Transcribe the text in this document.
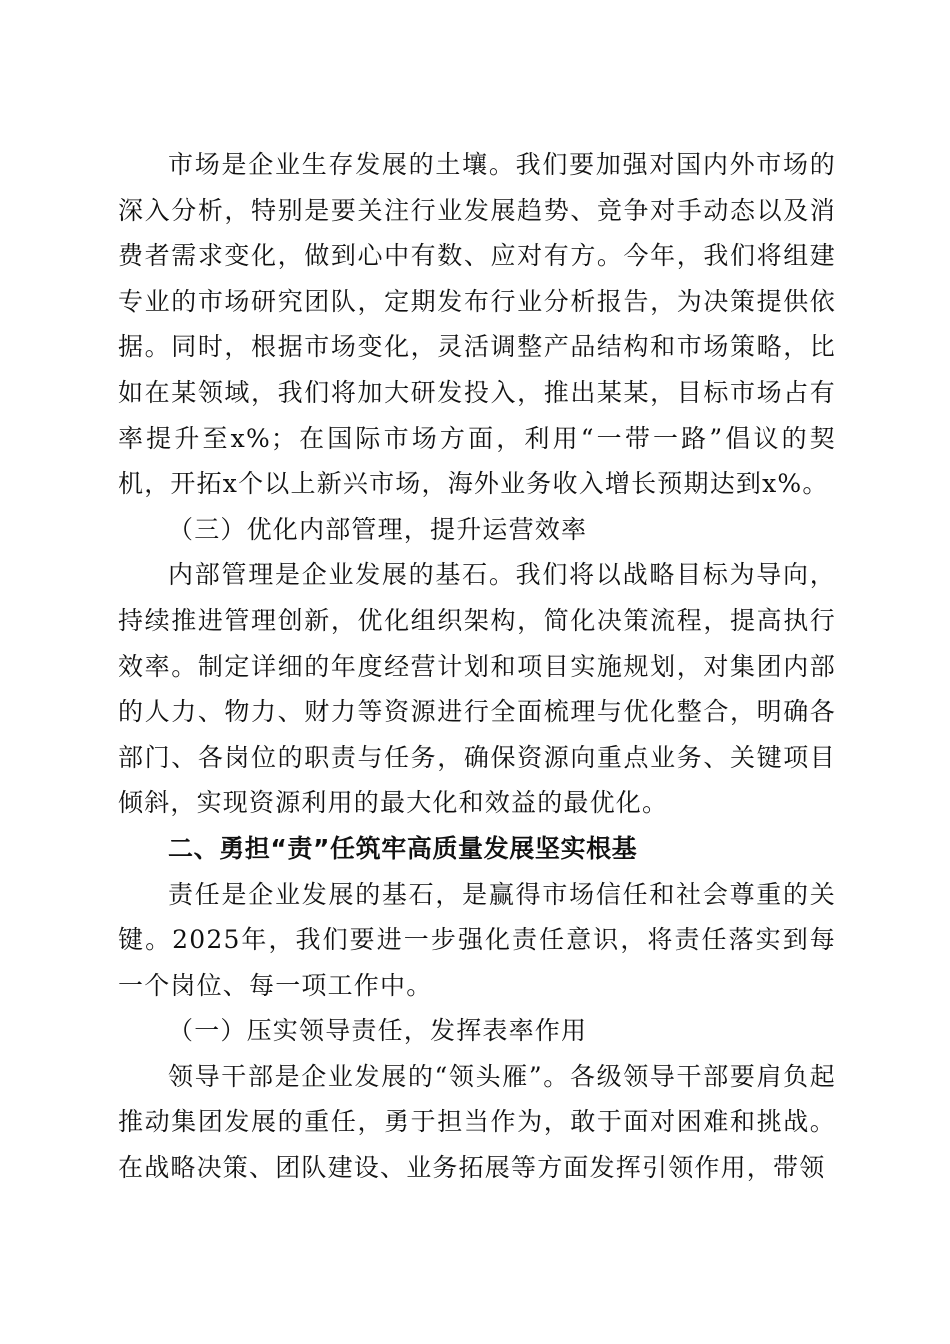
市场是企业生存发展的土壤。我们要加强对国内外市场的深入分析，特别是要关注行业发展趋势、竞争对手动态以及消费者需求变化，做到心中有数、应对有方。今年，我们将组建专业的市场研究团队，定期发布行业分析报告，为决策提供依据。同时，根据市场变化，灵活调整产品结构和市场策略，比如在某领域，我们将加大研发投入，推出某某，目标市场占有率提升至x%；在国际市场方面，利用“一带一路”倡议的契机，开拓x个以上新兴市场，海外业务收入增长预期达到x%。

（三）优化内部管理，提升运营效率

内部管理是企业发展的基石。我们将以战略目标为导向，持续推进管理创新，优化组织架构，简化决策流程，提高执行效率。制定详细的年度经营计划和项目实施规划，对集团内部的人力、物力、财力等资源进行全面梳理与优化整合，明确各部门、各岗位的职责与任务，确保资源向重点业务、关键项目倾斜，实现资源利用的最大化和效益的最优化。

二、勇担“责”任筑牢高质量发展坚实根基

责任是企业发展的基石，是赢得市场信任和社会尊重的关键。2025年，我们要进一步强化责任意识，将责任落实到每一个岗位、每一项工作中。

（一）压实领导责任，发挥表率作用

领导干部是企业发展的“领头雁”。各级领导干部要肩负起推动集团发展的重任，勇于担当作为，敢于面对困难和挑战。在战略决策、团队建设、业务拓展等方面发挥引领作用，带领
